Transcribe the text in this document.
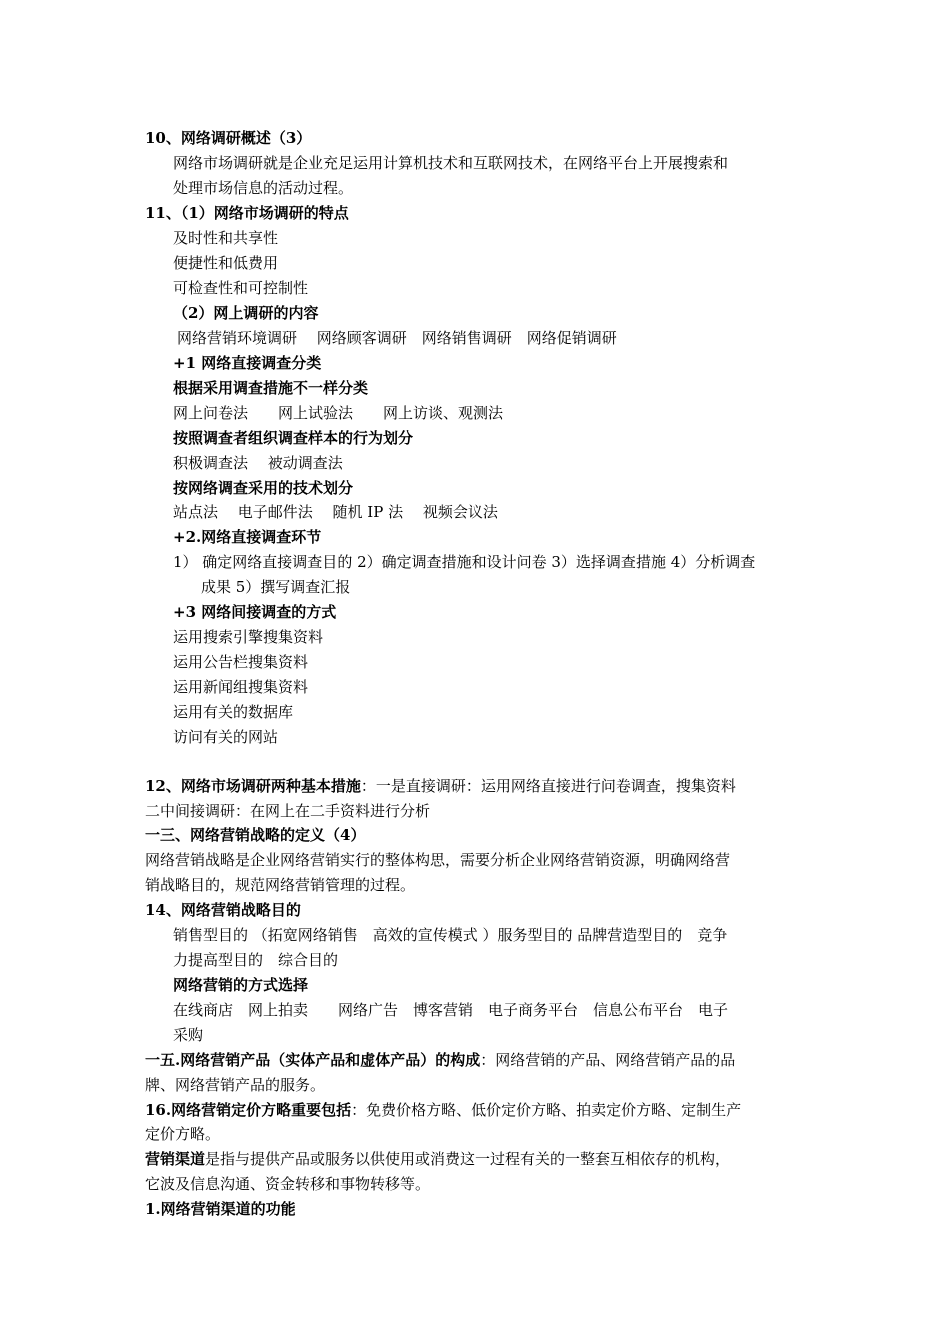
10、网络调研概述（3）
网络市场调研就是企业充足运用计算机技术和互联网技术，在网络平台上开展搜索和
处理市场信息的活动过程。
11、（1）网络市场调研的特点
及时性和共享性
便捷性和低费用
可检查性和可控制性
（2）网上调研的内容
网络营销环境调研　 网络顾客调研　网络销售调研　网络促销调研
+1 网络直接调查分类
根据采用调查措施不一样分类
网上问卷法　　网上试验法　　网上访谈、观测法
按照调查者组织调查样本的行为划分
积极调查法　 被动调查法
按网络调查采用的技术划分
站点法　 电子邮件法　 随机 IP 法　 视频会议法
+2.网络直接调查环节
1） 确定网络直接调查目的 2）确定调查措施和设计问卷 3）选择调查措施 4）分析调查
成果 5）撰写调查汇报
+3 网络间接调查的方式
运用搜索引擎搜集资料
运用公告栏搜集资料
运用新闻组搜集资料
运用有关的数据库
访问有关的网站
12、网络市场调研两种基本措施：一是直接调研：运用网络直接进行问卷调查，搜集资料
二中间接调研：在网上在二手资料进行分析
一三、网络营销战略的定义（4）
网络营销战略是企业网络营销实行的整体构思，需要分析企业网络营销资源，明确网络营
销战略目的，规范网络营销管理的过程。
14、网络营销战略目的
销售型目的 （拓宽网络销售　高效的宣传模式 ）服务型目的 品牌营造型目的　竞争
力提高型目的　综合目的
网络营销的方式选择
在线商店　网上拍卖　　网络广告　博客营销　电子商务平台　信息公布平台　电子
采购
一五.网络营销产品（实体产品和虚体产品）的构成：网络营销的产品、网络营销产品的品
牌、网络营销产品的服务。
16.网络营销定价方略重要包括：免费价格方略、低价定价方略、拍卖定价方略、定制生产
定价方略。
营销渠道是指与提供产品或服务以供使用或消费这一过程有关的一整套互相依存的机构，
它波及信息沟通、资金转移和事物转移等。
1.网络营销渠道的功能
